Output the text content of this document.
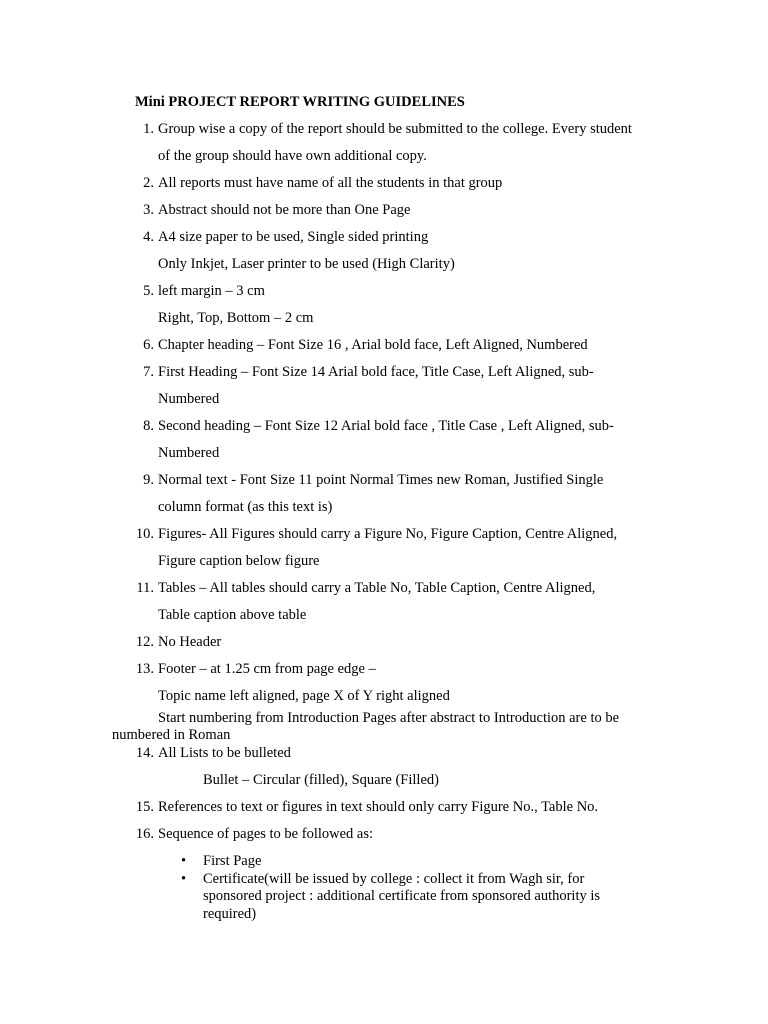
Mini PROJECT REPORT WRITING GUIDELINES
1. Group wise a copy of the report should be submitted to the college. Every student
of the group should have own additional copy.
2. All reports must have name of all the students in that group
3. Abstract should not be more than One Page
4. A4 size paper to be used, Single sided printing
Only Inkjet, Laser printer to be used (High Clarity)
5. left margin – 3 cm
Right, Top, Bottom – 2 cm
6. Chapter heading – Font Size 16 , Arial bold face, Left Aligned, Numbered
7. First Heading – Font Size 14 Arial bold face, Title Case, Left Aligned, sub-
Numbered
8. Second heading – Font Size 12 Arial bold face , Title Case , Left Aligned, sub-
Numbered
9. Normal text - Font Size 11 point Normal Times new Roman, Justified Single
column format (as this text is)
10. Figures- All Figures should carry a Figure No, Figure Caption, Centre Aligned,
Figure caption below figure
11. Tables – All tables should carry a Table No, Table Caption, Centre Aligned,
Table caption above table
12. No Header
13. Footer – at 1.25 cm from page edge –
Topic name left aligned, page X of Y right aligned
Start numbering from Introduction Pages after abstract to Introduction are to be
numbered in Roman
14. All Lists to be bulleted
Bullet – Circular (filled), Square (Filled)
15. References to text or figures in text should only carry Figure No., Table No.
16. Sequence of pages to be followed as:
• First Page
• Certificate(will be issued by college : collect it from Wagh sir, for
sponsored project : additional certificate from sponsored authority is
required)
